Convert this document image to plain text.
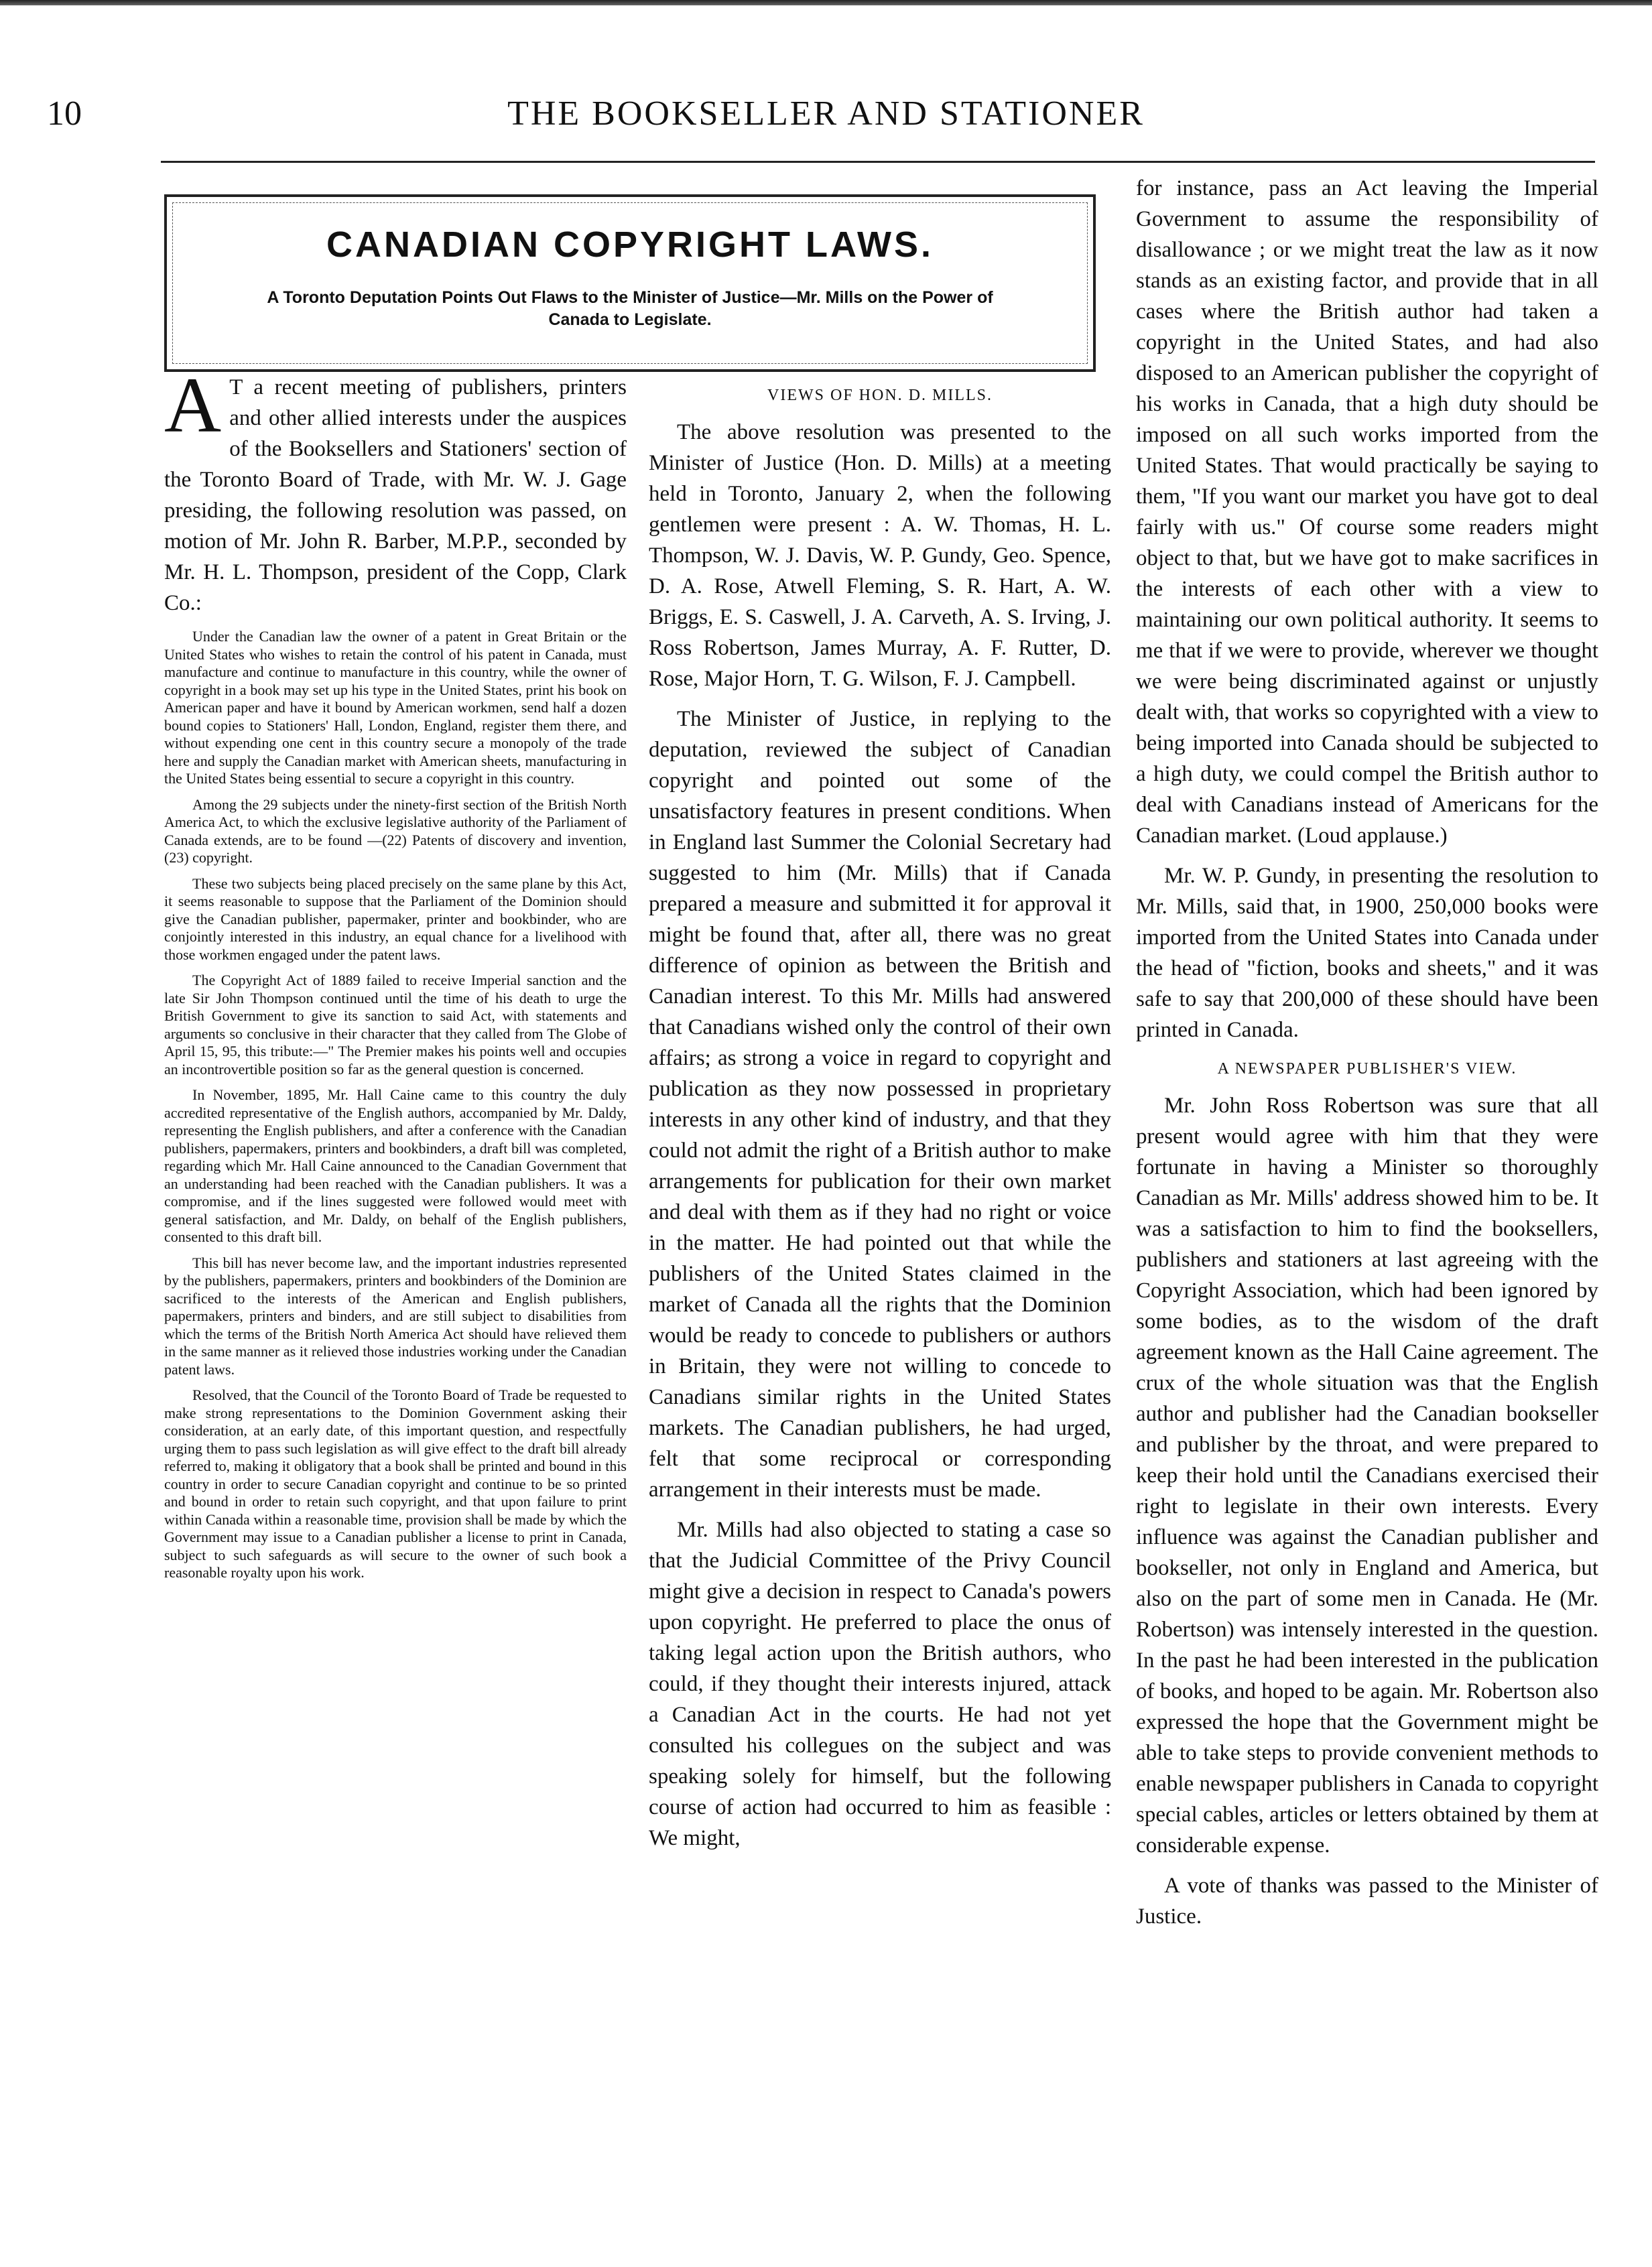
10	THE BOOKSELLER AND STATIONER
CANADIAN COPYRIGHT LAWS.
A Toronto Deputation Points Out Flaws to the Minister of Justice—Mr. Mills on the Power of Canada to Legislate.

A T a recent meeting of publishers, printers and other allied interests under the auspices of the Booksellers and Stationers' section of the Toronto Board of Trade, with Mr. W. J. Gage presiding, the following resolution was passed, on motion of Mr. John R. Barber, M.P.P., seconded by Mr. H. L. Thompson, president of the Copp, Clark Co.:

Under the Canadian law the owner of a patent in Great Britain or the United States who wishes to retain the control of his patent in Canada, must manufacture and continue to manufacture in this country, while the owner of copyright in a book may set up his type in the United States, print his book on American paper and have it bound by American workmen, send half a dozen bound copies to Stationers' Hall, London, England, register them there, and without expending one cent in this country secure a monopoly of the trade here and supply the Canadian market with American sheets, manufacturing in the United States being essential to secure a copyright in this country.

Among the 29 subjects under the ninety-first section of the British North America Act, to which the exclusive legislative authority of the Parliament of Canada extends, are to be found —(22) Patents of discovery and invention, (23) copyright.

These two subjects being placed precisely on the same plane by this Act, it seems reasonable to suppose that the Parliament of the Dominion should give the Canadian publisher, papermaker, printer and bookbinder, who are conjointly interested in this industry, an equal chance for a livelihood with those workmen engaged under the patent laws.

The Copyright Act of 1889 failed to receive Imperial sanction and the late Sir John Thompson continued until the time of his death to urge the British Government to give its sanction to said Act, with statements and arguments so conclusive in their character that they called from The Globe of April 15, 95, this tribute:—" The Premier makes his points well and occupies an incontrovertible position so far as the general question is concerned.

In November, 1895, Mr. Hall Caine came to this country the duly accredited representative of the English authors, accompanied by Mr. Daldy, representing the English publishers, and after a conference with the Canadian publishers, papermakers, printers and bookbinders, a draft bill was completed, regarding which Mr. Hall Caine announced to the Canadian Government that an understanding had been reached with the Canadian publishers. It was a compromise, and if the lines suggested were followed would meet with general satisfaction, and Mr. Daldy, on behalf of the English publishers, consented to this draft bill.

This bill has never become law, and the important industries represented by the publishers, papermakers, printers and bookbinders of the Dominion are sacrificed to the interests of the American and English publishers, papermakers, printers and binders, and are still subject to disabilities from which the terms of the British North America Act should have relieved them in the same manner as it relieved those industries working under the Canadian patent laws.

Resolved, that the Council of the Toronto Board of Trade be requested to make strong representations to the Dominion Government asking their consideration, at an early date, of this important question, and respectfully urging them to pass such legislation as will give effect to the draft bill already referred to, making it obligatory that a book shall be printed and bound in this country in order to secure Canadian copyright and continue to be so printed and bound in order to retain such copyright, and that upon failure to print within Canada within a reasonable time, provision shall be made by which the Government may issue to a Canadian publisher a license to print in Canada, subject to such safeguards as will secure to the owner of such book a reasonable royalty upon his work.

VIEWS OF HON. D. MILLS.

The above resolution was presented to the Minister of Justice (Hon. D. Mills) at a meeting held in Toronto, January 2, when the following gentlemen were present : A. W. Thomas, H. L. Thompson, W. J. Davis, W. P. Gundy, Geo. Spence, D. A. Rose, Atwell Fleming, S. R. Hart, A. W. Briggs, E. S. Caswell, J. A. Carveth, A. S. Irving, J. Ross Robertson, James Murray, A. F. Rutter, D. Rose, Major Horn, T. G. Wilson, F. J. Campbell.

The Minister of Justice, in replying to the deputation, reviewed the subject of Canadian copyright and pointed out some of the unsatisfactory features in present conditions. When in England last Summer the Colonial Secretary had suggested to him (Mr. Mills) that if Canada prepared a measure and submitted it for approval it might be found that, after all, there was no great difference of opinion as between the British and Canadian interest. To this Mr. Mills had answered that Canadians wished only the control of their own affairs; as strong a voice in regard to copyright and publication as they now possessed in proprietary interests in any other kind of industry, and that they could not admit the right of a British author to make arrangements for publication for their own market and deal with them as if they had no right or voice in the matter. He had pointed out that while the publishers of the United States claimed in the market of Canada all the rights that the Dominion would be ready to concede to publishers or authors in Britain, they were not willing to concede to Canadians similar rights in the United States markets. The Canadian publishers, he had urged, felt that some reciprocal or corresponding arrangement in their interests must be made.

Mr. Mills had also objected to stating a case so that the Judicial Committee of the Privy Council might give a decision in respect to Canada's powers upon copyright. He preferred to place the onus of taking legal action upon the British authors, who could, if they thought their interests injured, attack a Canadian Act in the courts. He had not yet consulted his collegues on the subject and was speaking solely for himself, but the following course of action had occurred to him as feasible : We might,

for instance, pass an Act leaving the Imperial Government to assume the responsibility of disallowance ; or we might treat the law as it now stands as an existing factor, and provide that in all cases where the British author had taken a copyright in the United States, and had also disposed to an American publisher the copyright of his works in Canada, that a high duty should be imposed on all such works imported from the United States. That would practically be saying to them, "If you want our market you have got to deal fairly with us." Of course some readers might object to that, but we have got to make sacrifices in the interests of each other with a view to maintaining our own political authority. It seems to me that if we were to provide, wherever we thought we were being discriminated against or unjustly dealt with, that works so copyrighted with a view to being imported into Canada should be subjected to a high duty, we could compel the British author to deal with Canadians instead of Americans for the Canadian market. (Loud applause.)

Mr. W. P. Gundy, in presenting the resolution to Mr. Mills, said that, in 1900, 250,000 books were imported from the United States into Canada under the head of "fiction, books and sheets," and it was safe to say that 200,000 of these should have been printed in Canada.

A NEWSPAPER PUBLISHER'S VIEW.

Mr. John Ross Robertson was sure that all present would agree with him that they were fortunate in having a Minister so thoroughly Canadian as Mr. Mills' address showed him to be. It was a satisfaction to him to find the booksellers, publishers and stationers at last agreeing with the Copyright Association, which had been ignored by some bodies, as to the wisdom of the draft agreement known as the Hall Caine agreement. The crux of the whole situation was that the English author and publisher had the Canadian bookseller and publisher by the throat, and were prepared to keep their hold until the Canadians exercised their right to legislate in their own interests. Every influence was against the Canadian publisher and bookseller, not only in England and America, but also on the part of some men in Canada. He (Mr. Robertson) was intensely interested in the question. In the past he had been interested in the publication of books, and hoped to be again. Mr. Robertson also expressed the hope that the Government might be able to take steps to provide convenient methods to enable newspaper publishers in Canada to copyright special cables, articles or letters obtained by them at considerable expense.

A vote of thanks was passed to the Minister of Justice.
